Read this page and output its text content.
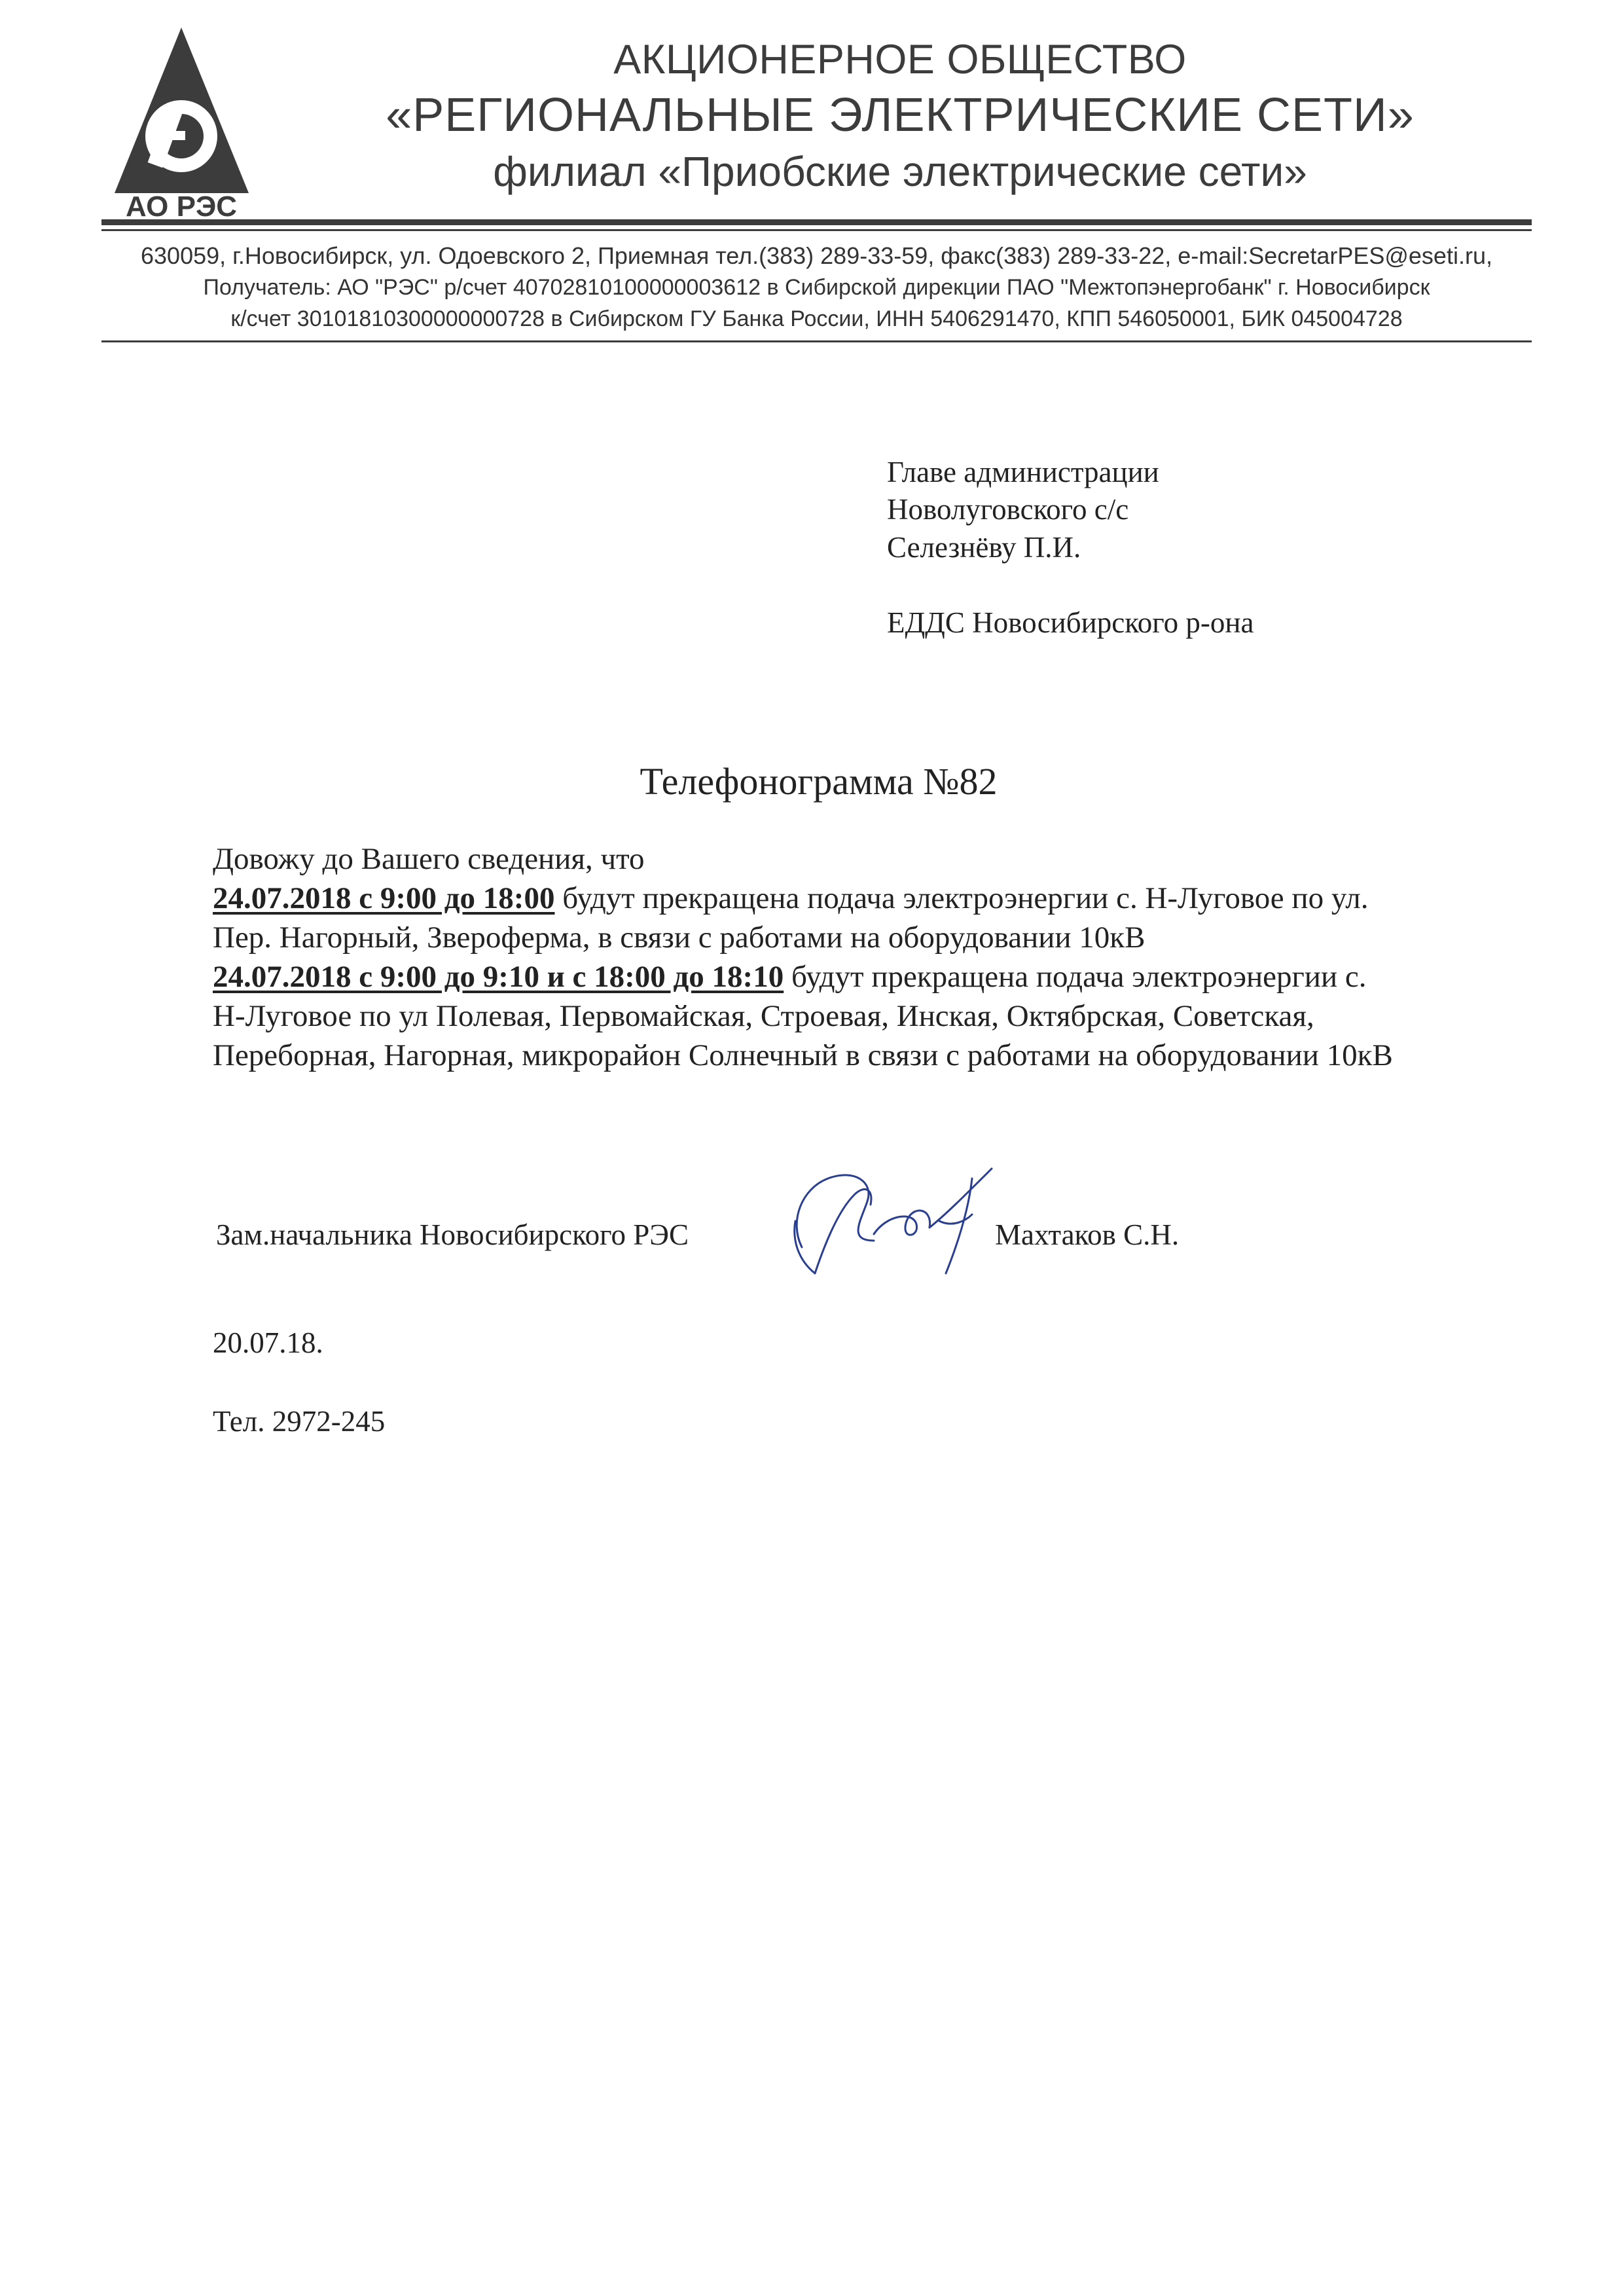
АО РЭС
АКЦИОНЕРНОЕ ОБЩЕСТВО
«РЕГИОНАЛЬНЫЕ ЭЛЕКТРИЧЕСКИЕ СЕТИ»
филиал «Приобские электрические сети»
630059, г.Новосибирск, ул. Одоевского 2, Приемная тел.(383) 289-33-59, факс(383) 289-33-22, e-mail:SecretarPES@eseti.ru,
Получатель: АО "РЭС" р/счет 40702810100000003612 в Сибирской дирекции ПАО "Межтопэнергобанк" г. Новосибирск
к/счет 30101810300000000728 в Сибирском ГУ Банка России, ИНН 5406291470, КПП 546050001, БИК 045004728
Главе администрации
Новолуговского с/с
Селезнёву П.И.
ЕДДС Новосибирского р-она
Телефонограмма №82
Довожу до Вашего сведения, что
24.07.2018 с 9:00 до 18:00 будут прекращена подача электроэнергии с. Н-Луговое по ул.
Пер. Нагорный, Звероферма, в связи с работами на оборудовании 10кВ
24.07.2018 с 9:00 до 9:10 и с 18:00 до 18:10 будут прекращена подача электроэнергии с.
Н-Луговое по ул Полевая, Первомайская, Строевая, Инская, Октябрская, Советская,
Переборная, Нагорная, микрорайон Солнечный в связи с работами на оборудовании 10кВ
Зам.начальника Новосибирского РЭС	Махтаков С.Н.
20.07.18.
Тел. 2972-245
